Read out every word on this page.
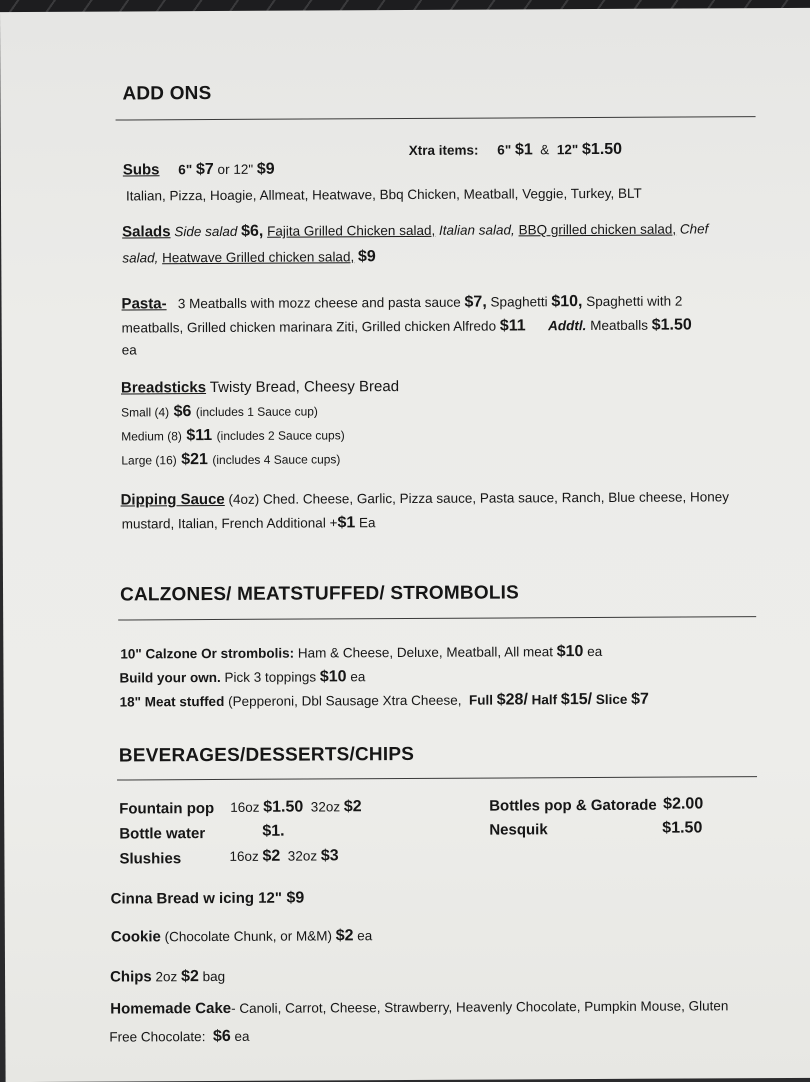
ADD ONS
Xtra items: 6" $1 & 12" $1.50
Subs 6" $7 or 12" $9
Italian, Pizza, Hoagie, Allmeat, Heatwave, Bbq Chicken, Meatball, Veggie, Turkey, BLT
Salads Side salad $6, Fajita Grilled Chicken salad, Italian salad, BBQ grilled chicken salad, Chef
salad, Heatwave Grilled chicken salad, $9
Pasta- 3 Meatballs with mozz cheese and pasta sauce $7, Spaghetti $10, Spaghetti with 2
meatballs, Grilled chicken marinara Ziti, Grilled chicken Alfredo $11 Addtl. Meatballs $1.50
ea
Breadsticks Twisty Bread, Cheesy Bread
Small (4) $6 (includes 1 Sauce cup)
Medium (8) $11 (includes 2 Sauce cups)
Large (16) $21 (includes 4 Sauce cups)
Dipping Sauce (4oz) Ched. Cheese, Garlic, Pizza sauce, Pasta sauce, Ranch, Blue cheese, Honey
mustard, Italian, French Additional +$1 Ea
CALZONES/ MEATSTUFFED/ STROMBOLIS
10" Calzone Or strombolis: Ham & Cheese, Deluxe, Meatball, All meat $10 ea
Build your own. Pick 3 toppings $10 ea
18" Meat stuffed (Pepperoni, Dbl Sausage Xtra Cheese, Full $28/ Half $15/ Slice $7
BEVERAGES/DESSERTS/CHIPS
Fountain pop 16oz $1.50 32oz $2
Bottle water	$1.
Slushies	16oz $2 32oz $3
Bottles pop & Gatorade $2.00
Nesquik	$1.50
Cinna Bread w icing 12" $9
Cookie (Chocolate Chunk, or M&M) $2 ea
Chips 2oz $2 bag
Homemade Cake- Canoli, Carrot, Cheese, Strawberry, Heavenly Chocolate, Pumpkin Mouse, Gluten
Free Chocolate: $6 ea
